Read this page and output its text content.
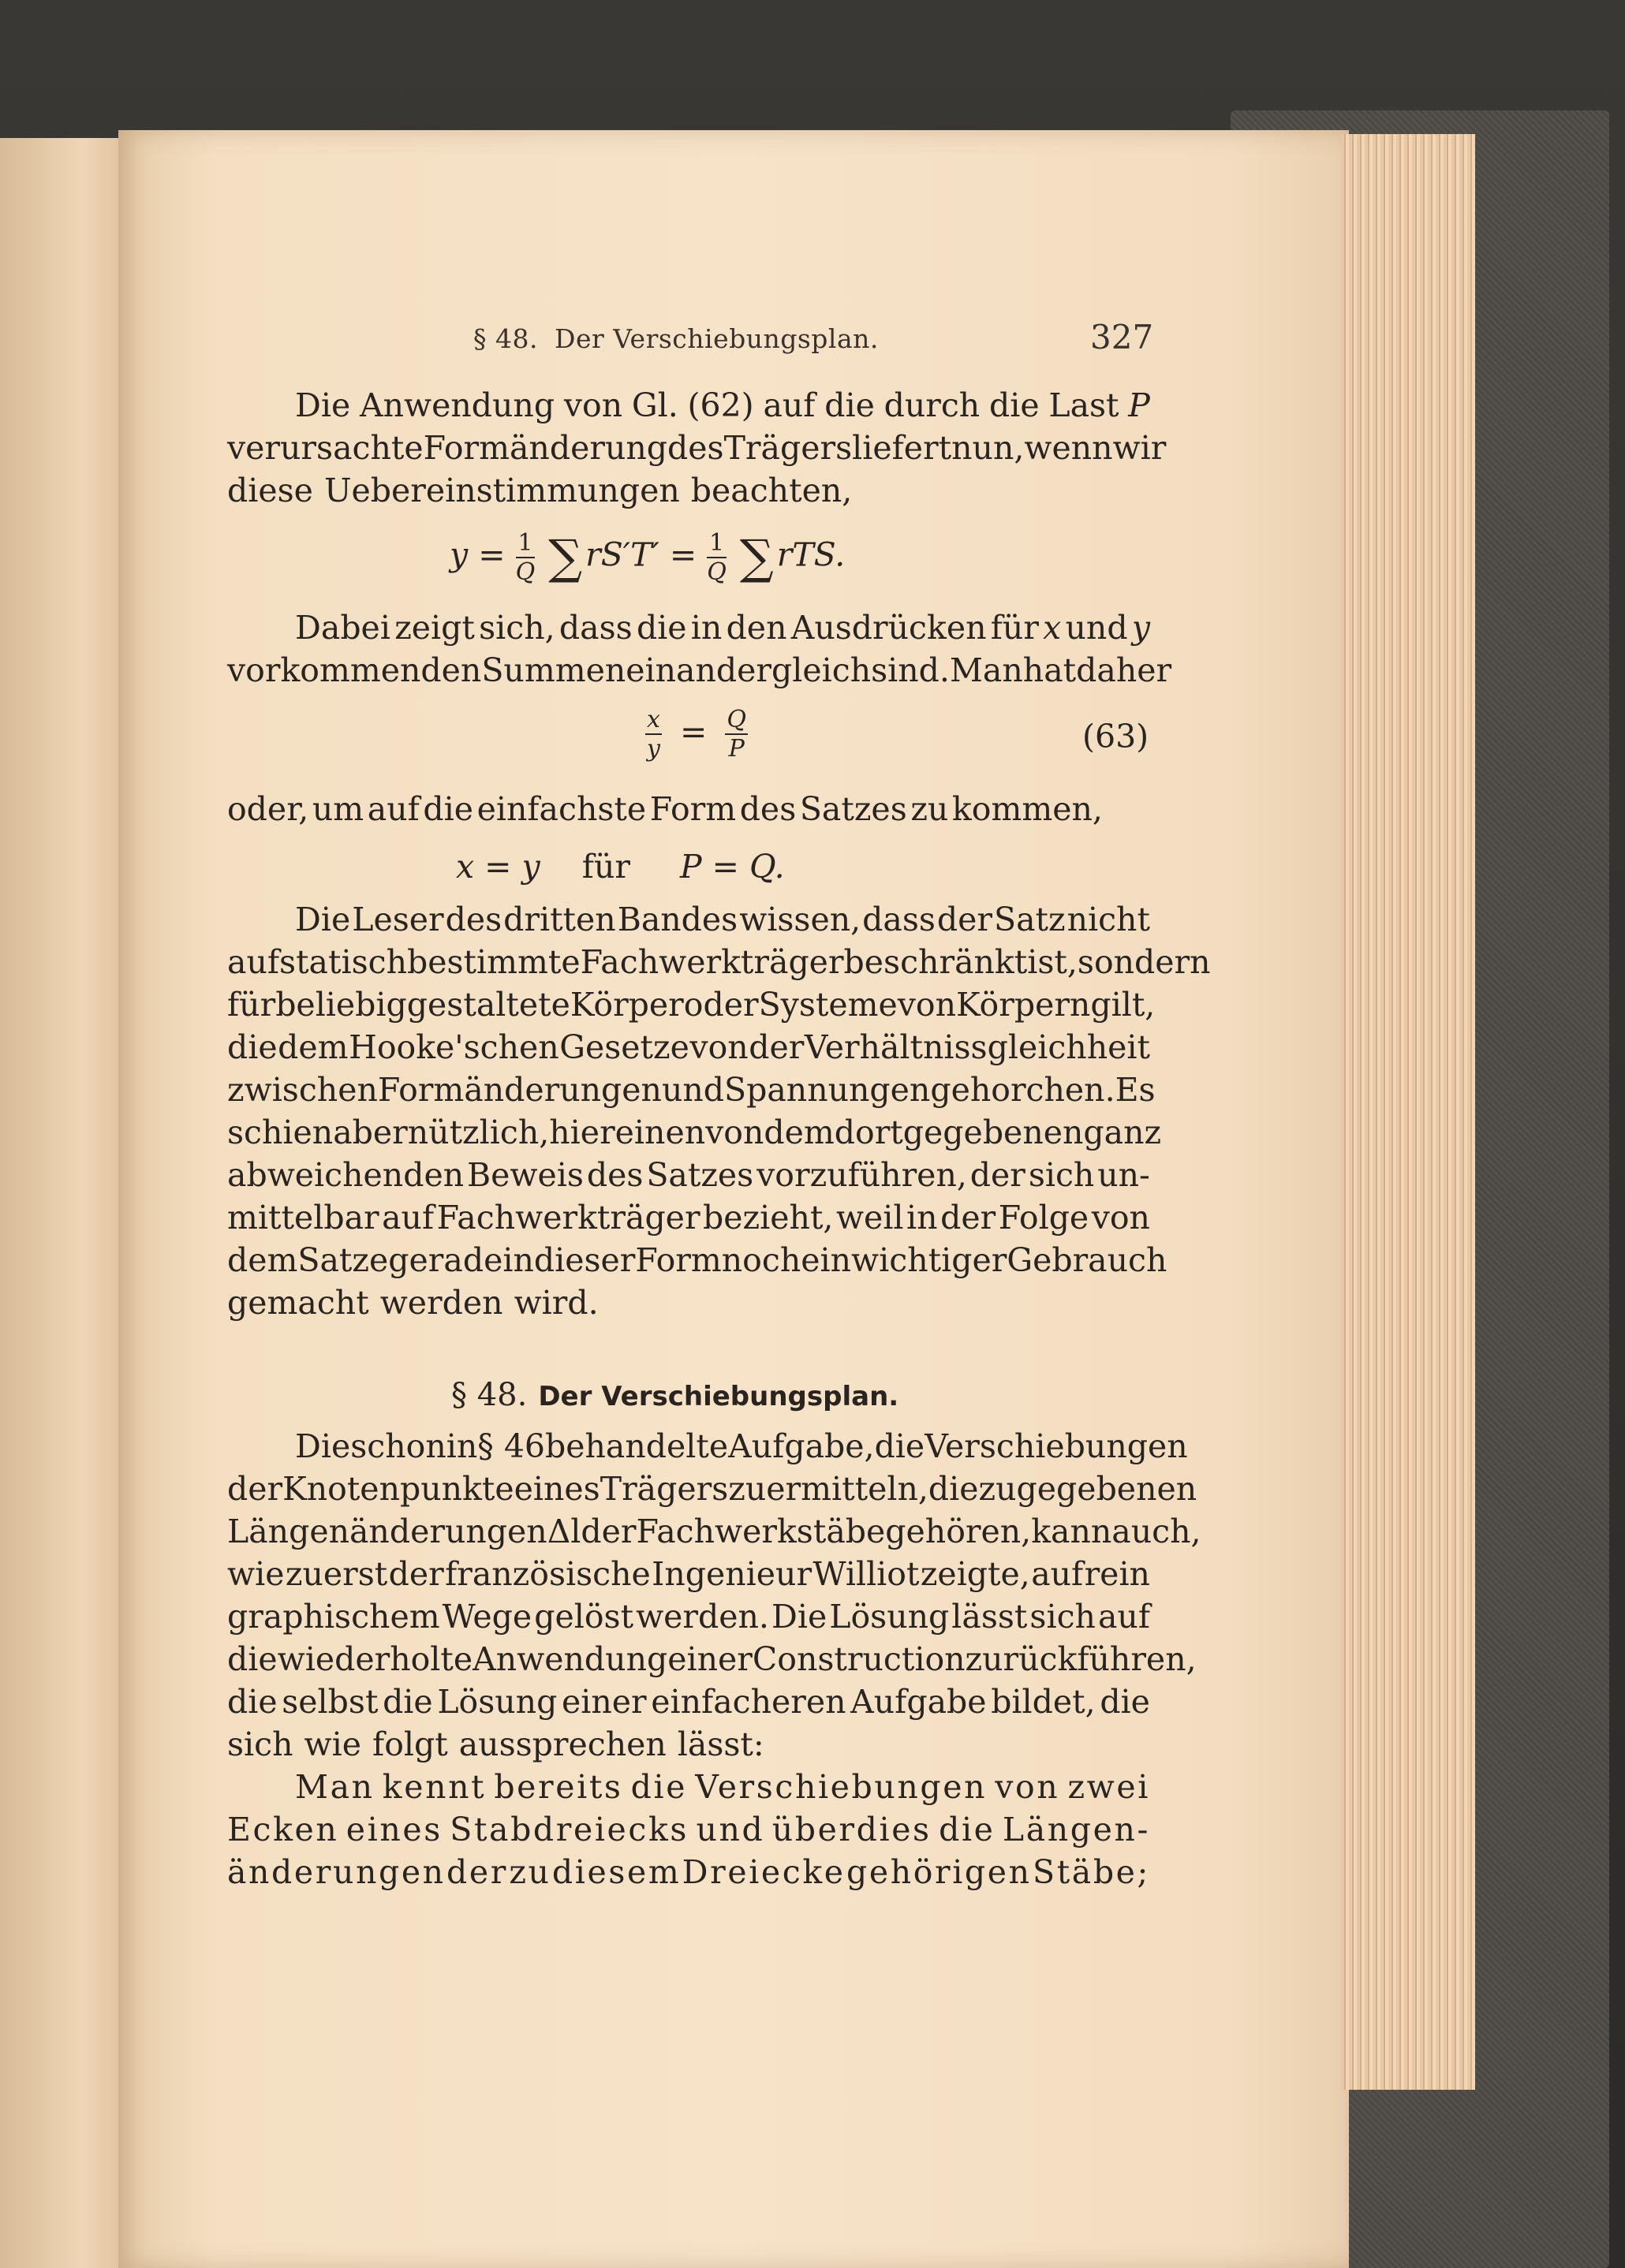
§ 48. Der Verschiebungsplan.	327
Die Anwendung von Gl. (62) auf die durch die Last P
verursachte Formänderung des Trägers liefert nun, wenn wir
diese Uebereinstimmungen beachten,
$y = \frac{1}{Q} \sum rS'T' = \frac{1}{Q} \sum rTS$.
Dabei zeigt sich, dass die in den Ausdrücken für x und y
vorkommenden Summen einander gleich sind. Man hat daher
$\frac{x}{y} = \frac{Q}{P}$	(63)
oder, um auf die einfachste Form des Satzes zu kommen,
x = y für P = Q.
Die Leser des dritten Bandes wissen, dass der Satz nicht
auf statisch bestimmte Fachwerkträger beschränkt ist, sondern
für beliebig gestaltete Körper oder Systeme von Körpern gilt,
die dem Hooke'schen Gesetze von der Verhältnissgleichheit
zwischen Formänderungen und Spannungen gehorchen. Es
schien aber nützlich, hier einen von dem dort gegebenen ganz
abweichenden Beweis des Satzes vorzuführen, der sich un-
mittelbar auf Fachwerkträger bezieht, weil in der Folge von
dem Satze gerade in dieser Form noch ein wichtiger Gebrauch
gemacht werden wird.
§ 48. Der Verschiebungsplan.
Die schon in § 46 behandelte Aufgabe, die Verschiebungen
der Knotenpunkte eines Trägers zu ermitteln, die zu gegebenen
Längenänderungen Δl der Fachwerkstäbe gehören, kann auch,
wie zuerst der französische Ingenieur Williot zeigte, auf rein
graphischem Wege gelöst werden. Die Lösung lässt sich auf
die wiederholte Anwendung einer Construction zurückführen,
die selbst die Lösung einer einfacheren Aufgabe bildet, die
sich wie folgt aussprechen lässt:
Man kennt bereits die Verschiebungen von zwei
Ecken eines Stabdreiecks und überdies die Längen-
änderungen der zu diesem Dreiecke gehörigen Stäbe;
